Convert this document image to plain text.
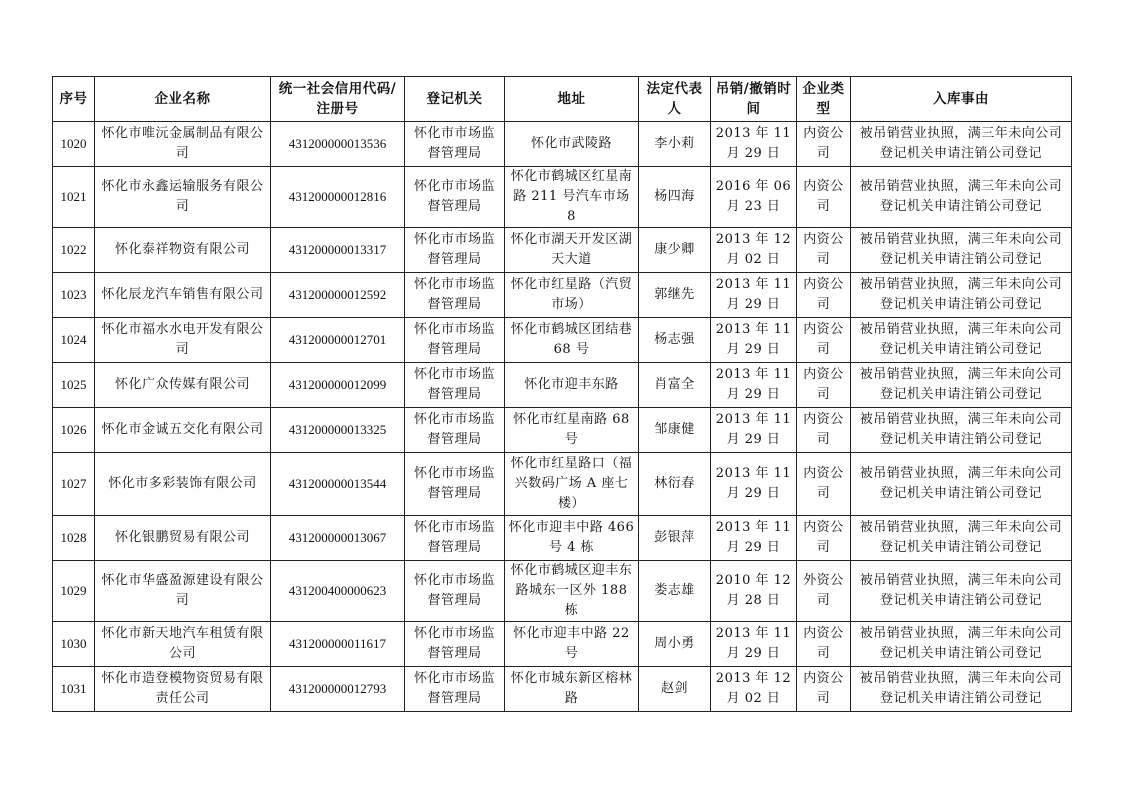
序号	企业名称	统一社会信用代码/注册号	登记机关	地址	法定代表人	吊销/撤销时间	企业类型	入库事由
1020	怀化市唯沅金属制品有限公司	431200000013536	怀化市市场监督管理局	怀化市武陵路	李小莉	2013 年 11 月 29 日	内资公司	被吊销营业执照，满三年未向公司登记机关申请注销公司登记
1021	怀化市永鑫运输服务有限公司	431200000012816	怀化市市场监督管理局	怀化市鹤城区红星南路 211 号汽车市场 8	杨四海	2016 年 06 月 23 日	内资公司	被吊销营业执照，满三年未向公司登记机关申请注销公司登记
1022	怀化泰祥物资有限公司	431200000013317	怀化市市场监督管理局	怀化市湖天开发区湖天大道	康少卿	2013 年 12 月 02 日	内资公司	被吊销营业执照，满三年未向公司登记机关申请注销公司登记
1023	怀化辰龙汽车销售有限公司	431200000012592	怀化市市场监督管理局	怀化市红星路（汽贸市场）	郭继先	2013 年 11 月 29 日	内资公司	被吊销营业执照，满三年未向公司登记机关申请注销公司登记
1024	怀化市福水水电开发有限公司	431200000012701	怀化市市场监督管理局	怀化市鹤城区团结巷 68 号	杨志强	2013 年 11 月 29 日	内资公司	被吊销营业执照，满三年未向公司登记机关申请注销公司登记
1025	怀化广众传媒有限公司	431200000012099	怀化市市场监督管理局	怀化市迎丰东路	肖富全	2013 年 11 月 29 日	内资公司	被吊销营业执照，满三年未向公司登记机关申请注销公司登记
1026	怀化市金诚五交化有限公司	431200000013325	怀化市市场监督管理局	怀化市红星南路 68 号	邹康健	2013 年 11 月 29 日	内资公司	被吊销营业执照，满三年未向公司登记机关申请注销公司登记
1027	怀化市多彩装饰有限公司	431200000013544	怀化市市场监督管理局	怀化市红星路口（福兴数码广场 A 座七楼）	林衍春	2013 年 11 月 29 日	内资公司	被吊销营业执照，满三年未向公司登记机关申请注销公司登记
1028	怀化银鹏贸易有限公司	431200000013067	怀化市市场监督管理局	怀化市迎丰中路 466 号 4 栋	彭银萍	2013 年 11 月 29 日	内资公司	被吊销营业执照，满三年未向公司登记机关申请注销公司登记
1029	怀化市华盛盈源建设有限公司	431200400000623	怀化市市场监督管理局	怀化市鹤城区迎丰东路城东一区外 188 栋	娄志雄	2010 年 12 月 28 日	外资公司	被吊销营业执照，满三年未向公司登记机关申请注销公司登记
1030	怀化市新天地汽车租赁有限公司	431200000011617	怀化市市场监督管理局	怀化市迎丰中路 22 号	周小勇	2013 年 11 月 29 日	内资公司	被吊销营业执照，满三年未向公司登记机关申请注销公司登记
1031	怀化市造登模物资贸易有限责任公司	431200000012793	怀化市市场监督管理局	怀化市城东新区榕林路	赵剑	2013 年 12 月 02 日	内资公司	被吊销营业执照，满三年未向公司登记机关申请注销公司登记
